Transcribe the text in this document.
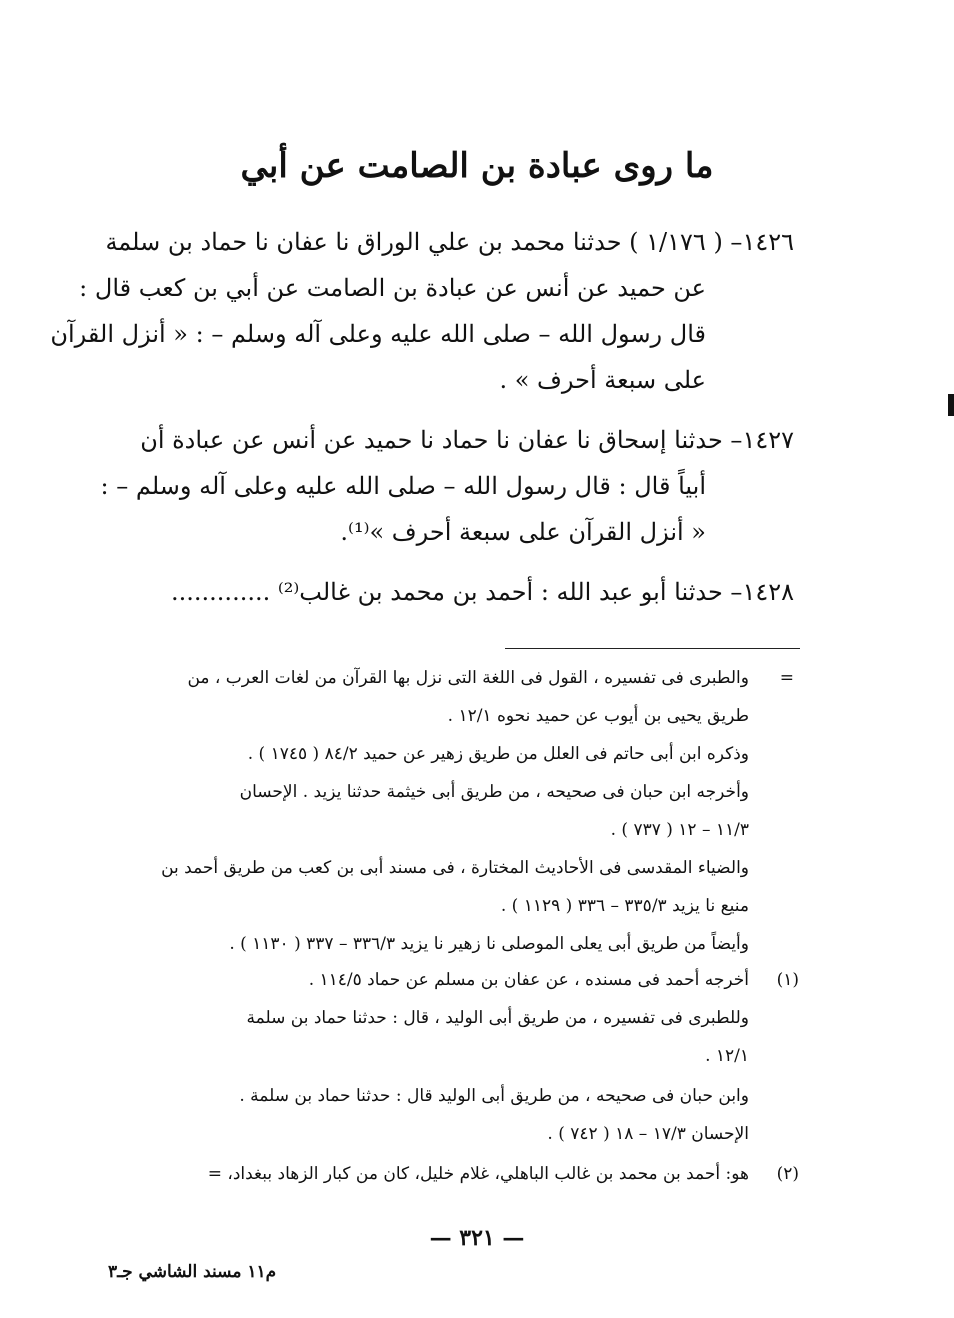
ما روى عبادة بن الصامت عن أبي
١٤٢٦– ( ١/١٧٦ ) حدثنا محمد بن علي الوراق نا عفان نا حماد بن سلمة
عن حميد عن أنس عن عبادة بن الصامت عن أبي بن كعب قال :
قال رسول الله – صلى الله عليه وعلى آله وسلم – : « أنزل القرآن
على سبعة أحرف » .
١٤٢٧– حدثنا إسحاق نا عفان نا حماد نا حميد عن أنس عن عبادة أن
أبياً قال : قال رسول الله – صلى الله عليه وعلى آله وسلم – :
« أنزل القرآن على سبعة أحرف »⁽¹⁾.
١٤٢٨– حدثنا أبو عبد الله : أحمد بن محمد بن غالب⁽²⁾ .............
=
والطبرى فى تفسيره ، القول فى اللغة التى نزل بها القرآن من لغات العرب ، من
طريق يحيى بن أيوب عن حميد نحوه ١٢/١ .
وذكره ابن أبى حاتم فى العلل من طريق زهير عن حميد ٨٤/٢ ( ١٧٤٥ ) .
وأخرجه ابن حبان فى صحيحه ، من طريق أبى خيثمة حدثنا يزيد . الإحسان
١١/٣ – ١٢ ( ٧٣٧ ) .
والضياء المقدسى فى الأحاديث المختارة ، فى مسند أبى بن كعب من طريق أحمد بن
منيع نا يزيد ٣٣٥/٣ – ٣٣٦ ( ١١٢٩ ) .
وأيضاً من طريق أبى يعلى الموصلى نا زهير نا يزيد ٣٣٦/٣ – ٣٣٧ ( ١١٣٠ ) .
(١)
أخرجه أحمد فى مسنده ، عن عفان بن مسلم عن حماد ١١٤/٥ .
وللطبرى فى تفسيره ، من طريق أبى الوليد ، قال : حدثنا حماد بن سلمة
١٢/١ .
وابن حبان فى صحيحه ، من طريق أبى الوليد قال : حدثنا حماد بن سلمة .
الإحسان ١٧/٣ – ١٨ ( ٧٤٢ ) .
(٢)
هو: أحمد بن محمد بن غالب الباهلي، غلام خليل، كان من كبار الزهاد ببغداد، =
— ٣٢١ —
م١١ مسند الشاشي جـ٣
